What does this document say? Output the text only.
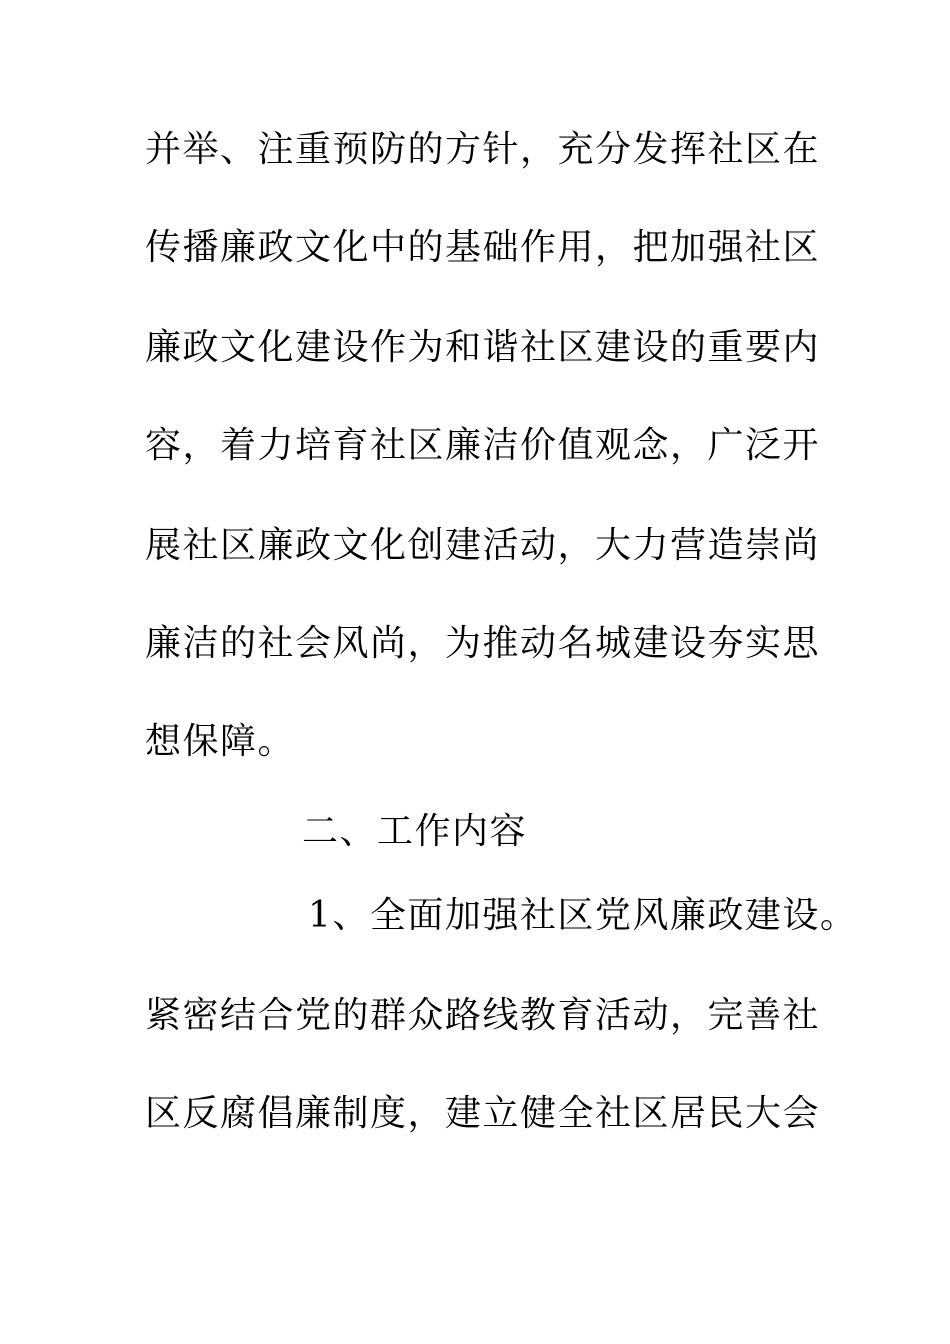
并举、注重预防的方针，充分发挥社区在
传播廉政文化中的基础作用，把加强社区
廉政文化建设作为和谐社区建设的重要内
容，着力培育社区廉洁价值观念，广泛开
展社区廉政文化创建活动，大力营造崇尚
廉洁的社会风尚，为推动名城建设夯实思
想保障。
二、工作内容
1、全面加强社区党风廉政建设。
紧密结合党的群众路线教育活动，完善社
区反腐倡廉制度，建立健全社区居民大会
